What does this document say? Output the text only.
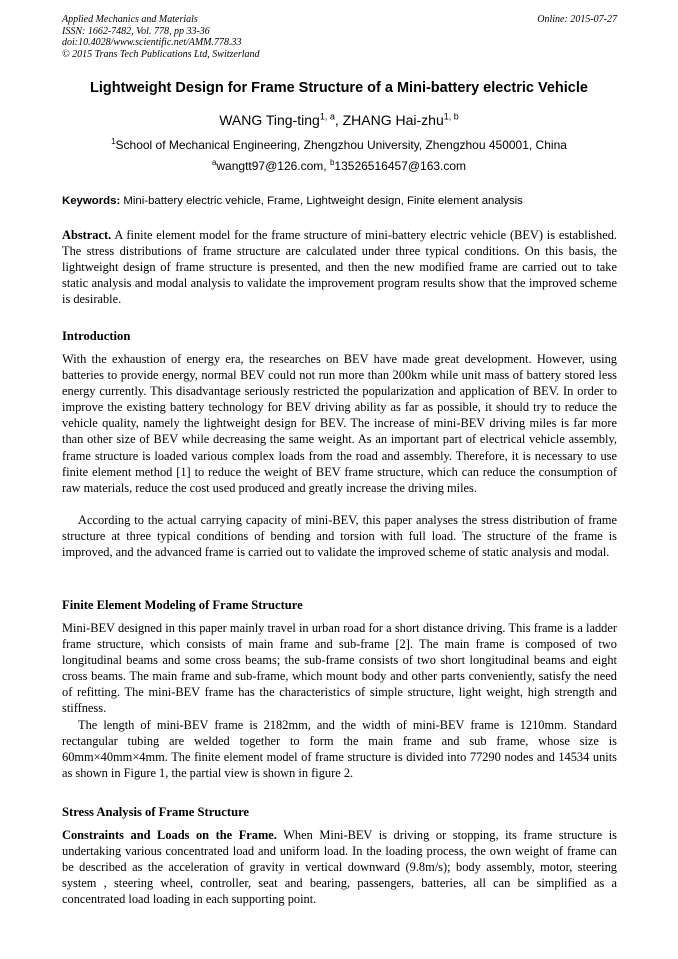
Applied Mechanics and Materials
ISSN: 1662-7482, Vol. 778, pp 33-36
doi:10.4028/www.scientific.net/AMM.778.33
© 2015 Trans Tech Publications Ltd, Switzerland
Online: 2015-07-27
Lightweight Design for Frame Structure of a Mini-battery electric Vehicle
WANG Ting-ting$^{1, a}$, ZHANG Hai-zhu$^{1, b}$
$^1$School of Mechanical Engineering, Zhengzhou University, Zhengzhou 450001, China
$^a$wangtt97@126.com, $^b$13526516457@163.com
Keywords: Mini-battery electric vehicle, Frame, Lightweight design, Finite element analysis

Abstract. A finite element model for the frame structure of mini-battery electric vehicle (BEV) is established. The stress distributions of frame structure are calculated under three typical conditions. On this basis, the lightweight design of frame structure is presented, and then the new modified frame are carried out to take static analysis and modal analysis to validate the improvement program results show that the improved scheme is desirable.

Introduction

With the exhaustion of energy era, the researches on BEV have made great development. However, using batteries to provide energy, normal BEV could not run more than 200km while unit mass of battery stored less energy currently. This disadvantage seriously restricted the popularization and application of BEV. In order to improve the existing battery technology for BEV driving ability as far as possible, it should try to reduce the vehicle quality, namely the lightweight design for BEV. The increase of mini-BEV driving miles is far more than other size of BEV while decreasing the same weight. As an important part of electrical vehicle assembly, frame structure is loaded various complex loads from the road and assembly. Therefore, it is necessary to use finite element method [1] to reduce the weight of BEV frame structure, which can reduce the consumption of raw materials, reduce the cost used produced and greatly increase the driving miles.

According to the actual carrying capacity of mini-BEV, this paper analyses the stress distribution of frame structure at three typical conditions of bending and torsion with full load. The structure of the frame is improved, and the advanced frame is carried out to validate the improved scheme of static analysis and modal.

Finite Element Modeling of Frame Structure

Mini-BEV designed in this paper mainly travel in urban road for a short distance driving. This frame is a ladder frame structure, which consists of main frame and sub-frame [2]. The main frame is composed of two longitudinal beams and some cross beams; the sub-frame consists of two short longitudinal beams and eight cross beams. The main frame and sub-frame, which mount body and other parts conveniently, satisfy the need of refitting. The mini-BEV frame has the characteristics of simple structure, light weight, high strength and stiffness.

The length of mini-BEV frame is 2182mm, and the width of mini-BEV frame is 1210mm. Standard rectangular tubing are welded together to form the main frame and sub frame, whose size is 60mm×40mm×4mm. The finite element model of frame structure is divided into 77290 nodes and 14534 units as shown in Figure 1, the partial view is shown in figure 2.

Stress Analysis of Frame Structure

Constraints and Loads on the Frame. When Mini-BEV is driving or stopping, its frame structure is undertaking various concentrated load and uniform load. In the loading process, the own weight of frame can be described as the acceleration of gravity in vertical downward (9.8m/s); body assembly, motor, steering system , steering wheel, controller, seat and bearing, passengers, batteries, all can be simplified as a concentrated load loading in each supporting point.
